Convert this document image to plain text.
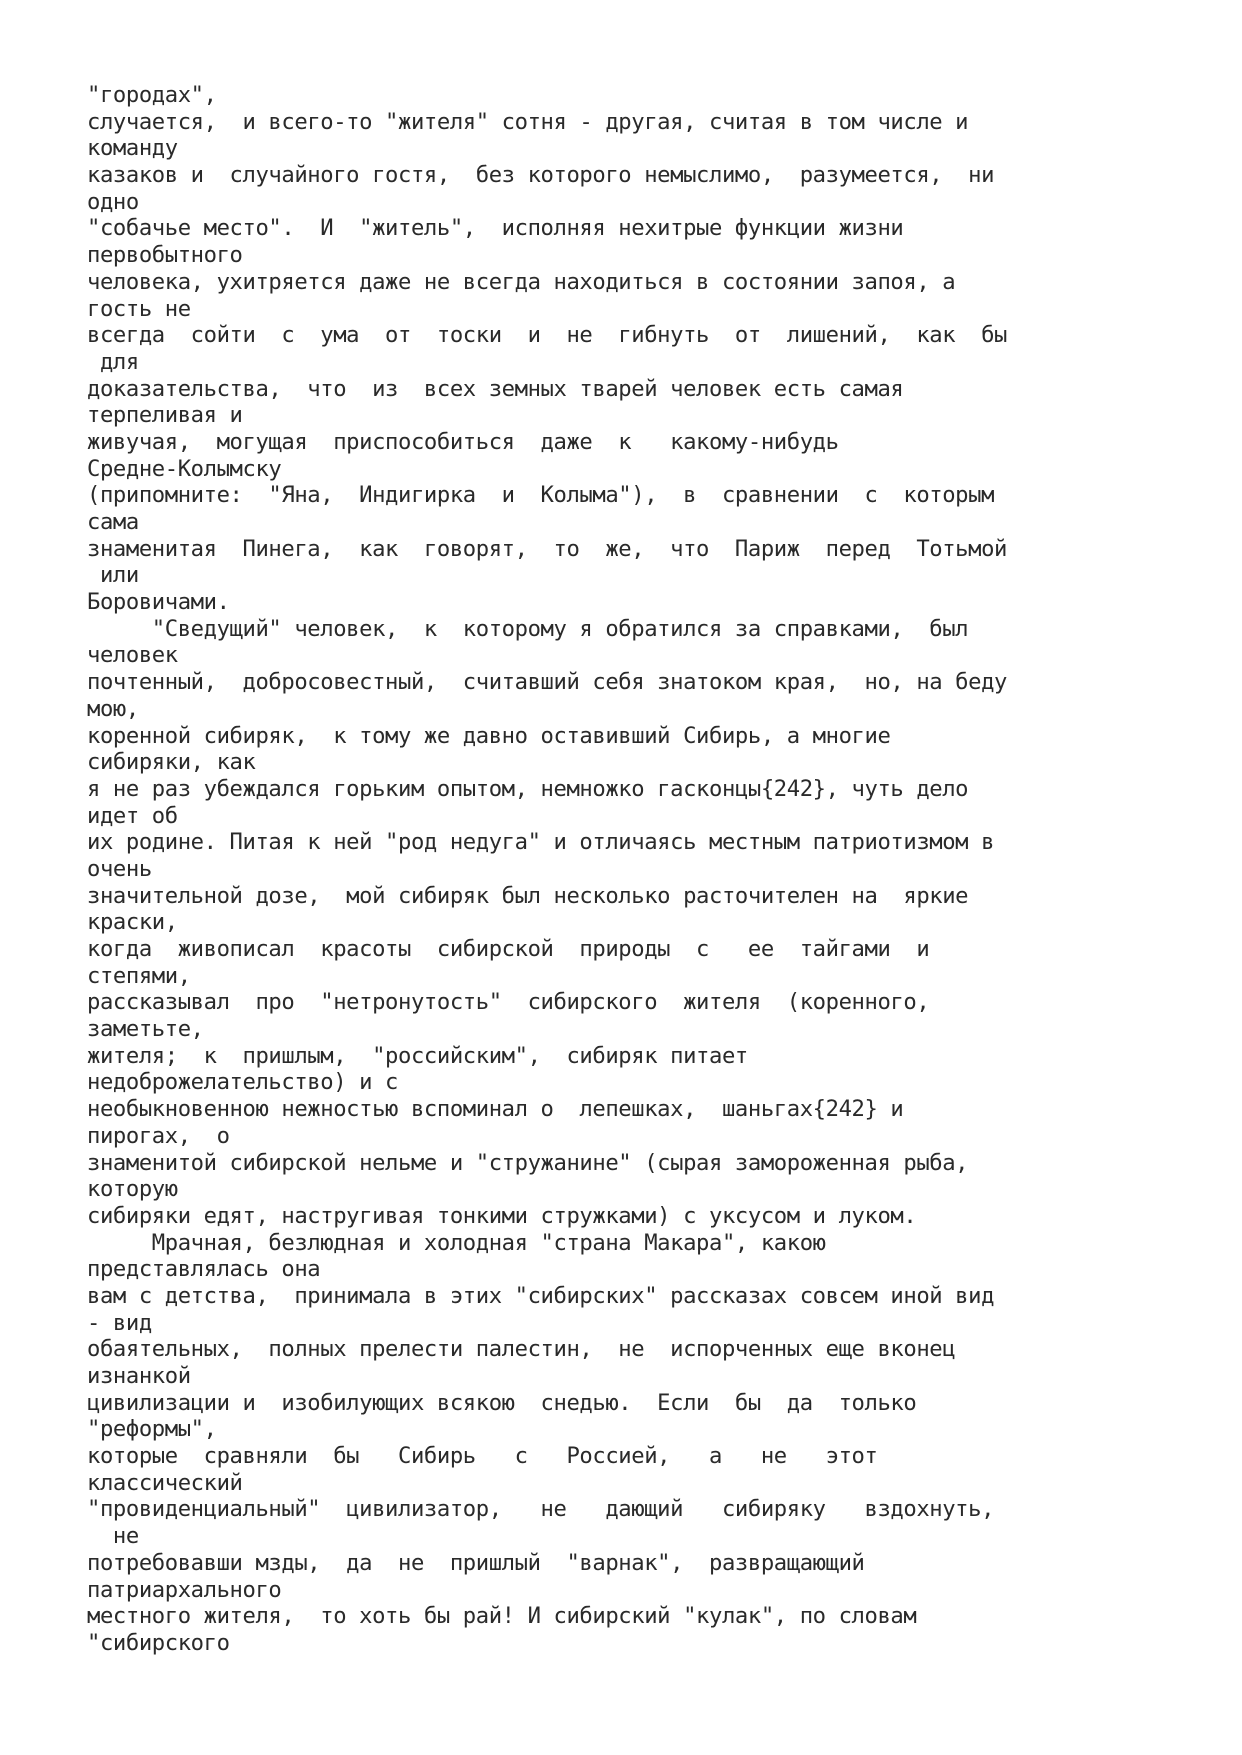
"городах",
случается,  и всего-то "жителя" сотня - другая, считая в том числе и
команду
казаков и  случайного гостя,  без которого немыслимо,  разумеется,  ни
одно
"собачье место".  И  "житель",  исполняя нехитрые функции жизни
первобытного
человека, ухитряется даже не всегда находиться в состоянии запоя, а
гость не
всегда  сойти  с  ума  от  тоски  и  не  гибнуть  от  лишений,  как  бы
для
доказательства,  что  из  всех земных тварей человек есть самая
терпеливая и
живучая,  могущая  приспособиться  даже  к   какому-нибудь
Средне-Колымску
(припомните:  "Яна,  Индигирка  и  Колыма"),  в  сравнении  с  которым
сама
знаменитая  Пинега,  как  говорят,  то  же,  что  Париж  перед  Тотьмой
или
Боровичами.
"Сведущий" человек,  к  которому я обратился за справками,  был
человек
почтенный,  добросовестный,  считавший себя знатоком края,  но, на беду
мою,
коренной сибиряк,  к тому же давно оставивший Сибирь, а многие
сибиряки, как
я не раз убеждался горьким опытом, немножко гасконцы{242}, чуть дело
идет об
их родине. Питая к ней "род недуга" и отличаясь местным патриотизмом в
очень
значительной дозе,  мой сибиряк был несколько расточителен на  яркие
краски,
когда  живописал  красоты  сибирской  природы  с   ее  тайгами  и
степями,
рассказывал  про  "нетронутость"  сибирского  жителя  (коренного,
заметьте,
жителя;  к  пришлым,  "российским",  сибиряк питает
недоброжелательство) и с
необыкновенною нежностью вспоминал о  лепешках,  шаньгах{242} и
пирогах,  о
знаменитой сибирской нельме и "стружанине" (сырая замороженная рыба,
которую
сибиряки едят, настругивая тонкими стружками) с уксусом и луком.
Мрачная, безлюдная и холодная "страна Макара", какою
представлялась она
вам с детства,  принимала в этих "сибирских" рассказах совсем иной вид
- вид
обаятельных,  полных прелести палестин,  не  испорченных еще вконец
изнанкой
цивилизации и  изобилующих всякою  снедью.  Если  бы  да  только
"реформы",
которые  сравняли  бы   Сибирь   с   Россией,   а   не   этот
классический
"провиденциальный"  цивилизатор,   не   дающий   сибиряку   вздохнуть,
не
потребовавши мзды,  да  не  пришлый  "варнак",  развращающий
патриархального
местного жителя,  то хоть бы рай! И сибирский "кулак", по словам
"сибирского
